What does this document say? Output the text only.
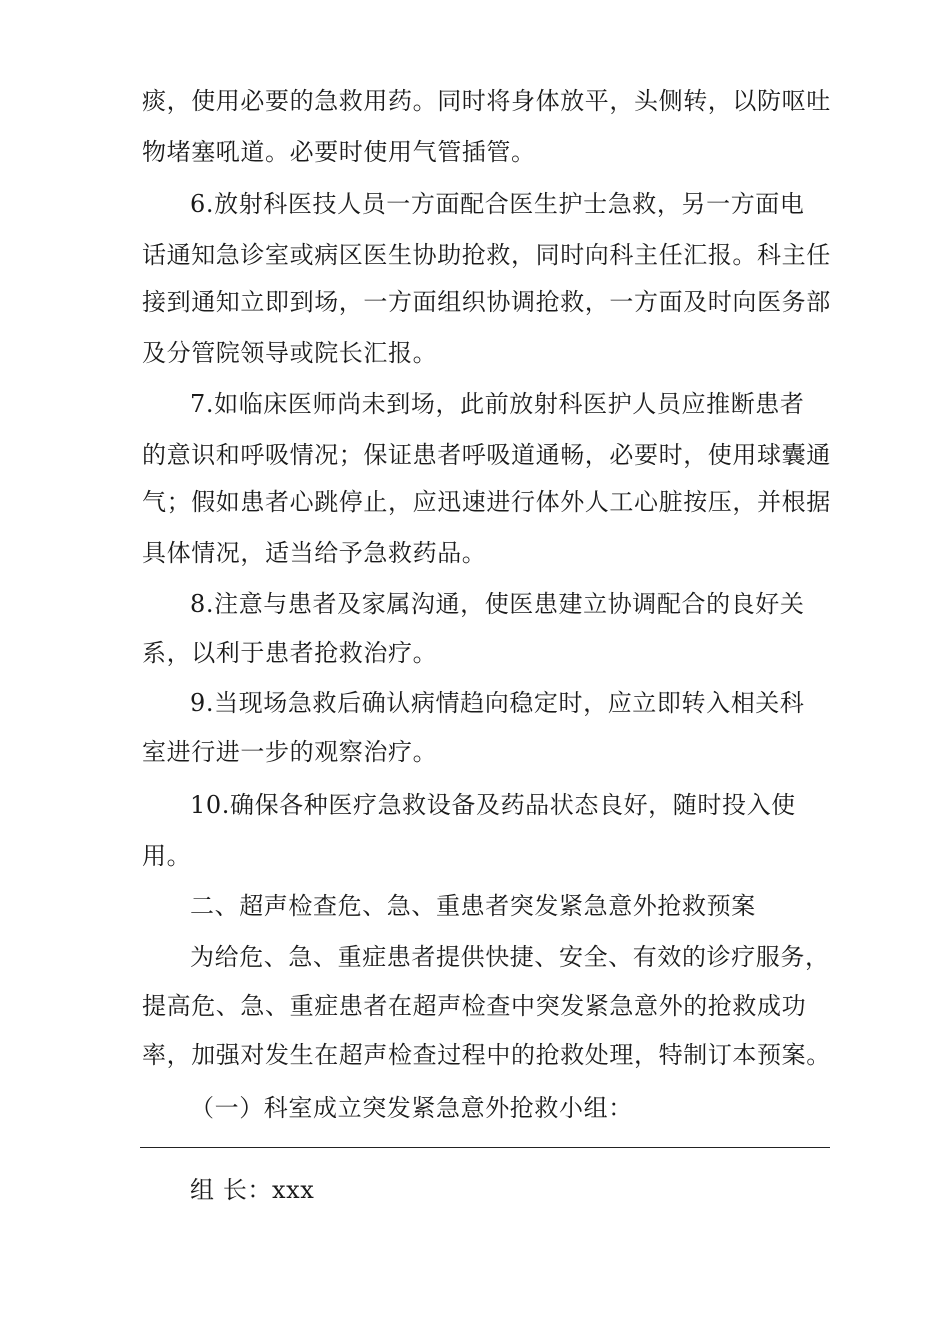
痰，使用必要的急救用药。同时将身体放平，头侧转，以防呕吐
物堵塞吼道。必要时使用气管插管。
6.放射科医技人员一方面配合医生护士急救，另一方面电
话通知急诊室或病区医生协助抢救，同时向科主任汇报。科主任
接到通知立即到场，一方面组织协调抢救，一方面及时向医务部
及分管院领导或院长汇报。
7.如临床医师尚未到场，此前放射科医护人员应推断患者
的意识和呼吸情况；保证患者呼吸道通畅，必要时，使用球囊通
气；假如患者心跳停止，应迅速进行体外人工心脏按压，并根据
具体情况，适当给予急救药品。
8.注意与患者及家属沟通，使医患建立协调配合的良好关
系，以利于患者抢救治疗。
9.当现场急救后确认病情趋向稳定时，应立即转入相关科
室进行进一步的观察治疗。
10.确保各种医疗急救设备及药品状态良好，随时投入使
用。
二、超声检查危、急、重患者突发紧急意外抢救预案
为给危、急、重症患者提供快捷、安全、有效的诊疗服务，
提高危、急、重症患者在超声检查中突发紧急意外的抢救成功
率，加强对发生在超声检查过程中的抢救处理，特制订本预案。
（一）科室成立突发紧急意外抢救小组：
组 长：xxx
